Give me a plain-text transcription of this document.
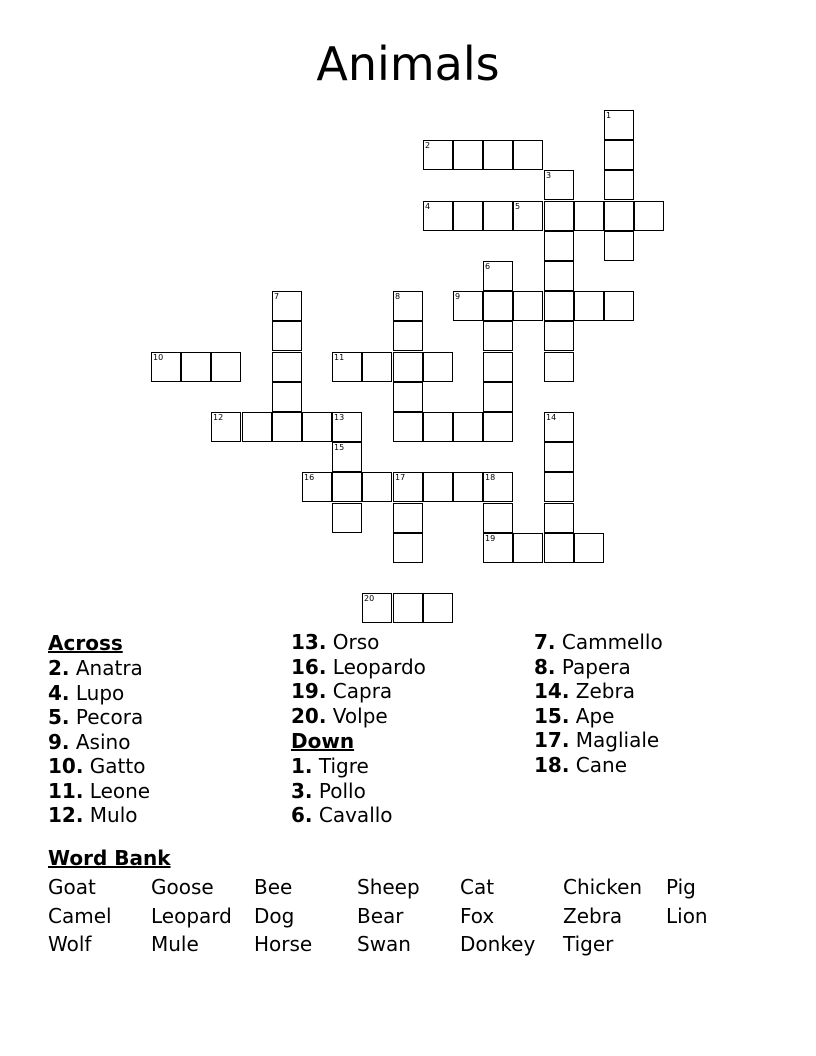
Animals
1
2
3
4	5
6
7	8	9
10	11
12	13	14
15
16	17	18
19
20
Across
2. Anatra
4. Lupo
5. Pecora
9. Asino
10. Gatto
11. Leone
12. Mulo
13. Orso
16. Leopardo
19. Capra
20. Volpe
Down
1. Tigre
3. Pollo
6. Cavallo
7. Cammello
8. Papera
14. Zebra
15. Ape
17. Magliale
18. Cane
Word Bank
Goat	Goose Bee	Sheep Cat	Chicken Pig
Camel Leopard Dog	Bear	Fox	Zebra Lion
Wolf	Mule	Horse Swan Donkey Tiger
